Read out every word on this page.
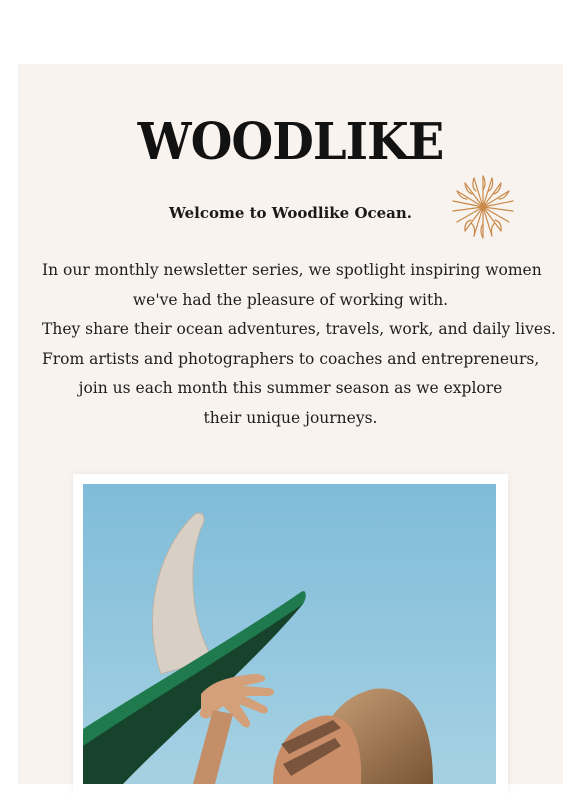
WOODLIKE
Welcome to Woodlike Ocean.

In our monthly newsletter series, we spotlight inspiring women

we've had the pleasure of working with.

They share their ocean adventures, travels, work, and daily lives.

From artists and photographers to coaches and entrepreneurs,

join us each month this summer season as we explore

their unique journeys.
